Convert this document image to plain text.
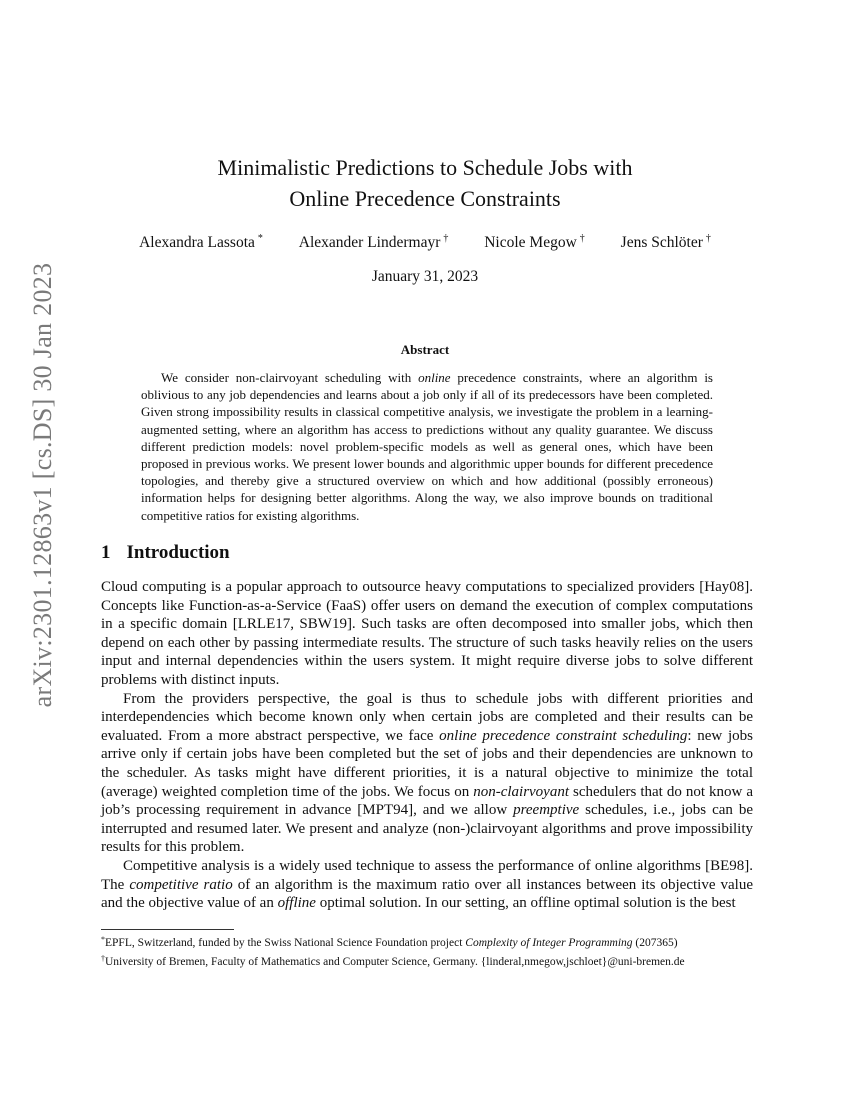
arXiv:2301.12863v1 [cs.DS] 30 Jan 2023
Minimalistic Predictions to Schedule Jobs with
Online Precedence Constraints
Alexandra Lassota * Alexander Lindermayr † Nicole Megow † Jens Schlöter †
January 31, 2023
Abstract

We consider non-clairvoyant scheduling with online precedence constraints, where an algorithm is oblivious to any job dependencies and learns about a job only if all of its predecessors have been completed. Given strong impossibility results in classical competitive analysis, we investigate the problem in a learning-augmented setting, where an algorithm has access to predictions without any quality guarantee. We discuss different prediction models: novel problem-specific models as well as general ones, which have been proposed in previous works. We present lower bounds and algorithmic upper bounds for different precedence topologies, and thereby give a structured overview on which and how additional (possibly erroneous) information helps for designing better algorithms. Along the way, we also improve bounds on traditional competitive ratios for existing algorithms.

1 Introduction

Cloud computing is a popular approach to outsource heavy computations to specialized providers [Hay08]. Concepts like Function-as-a-Service (FaaS) offer users on demand the execution of complex computations in a specific domain [LRLE17, SBW19]. Such tasks are often decomposed into smaller jobs, which then depend on each other by passing intermediate results. The structure of such tasks heavily relies on the users input and internal dependencies within the users system. It might require diverse jobs to solve different problems with distinct inputs.

From the providers perspective, the goal is thus to schedule jobs with different priorities and interdependencies which become known only when certain jobs are completed and their results can be evaluated. From a more abstract perspective, we face online precedence constraint scheduling: new jobs arrive only if certain jobs have been completed but the set of jobs and their dependencies are unknown to the scheduler. As tasks might have different priorities, it is a natural objective to minimize the total (average) weighted completion time of the jobs. We focus on non-clairvoyant schedulers that do not know a job’s processing requirement in advance [MPT94], and we allow preemptive schedules, i.e., jobs can be interrupted and resumed later. We present and analyze (non-)clairvoyant algorithms and prove impossibility results for this problem.

Competitive analysis is a widely used technique to assess the performance of online algorithms [BE98]. The competitive ratio of an algorithm is the maximum ratio over all instances between its objective value and the objective value of an offline optimal solution. In our setting, an offline optimal solution is the best

*EPFL, Switzerland, funded by the Swiss National Science Foundation project Complexity of Integer Programming (207365)
†University of Bremen, Faculty of Mathematics and Computer Science, Germany. {linderal,nmegow,jschloet}@uni-bremen.de
